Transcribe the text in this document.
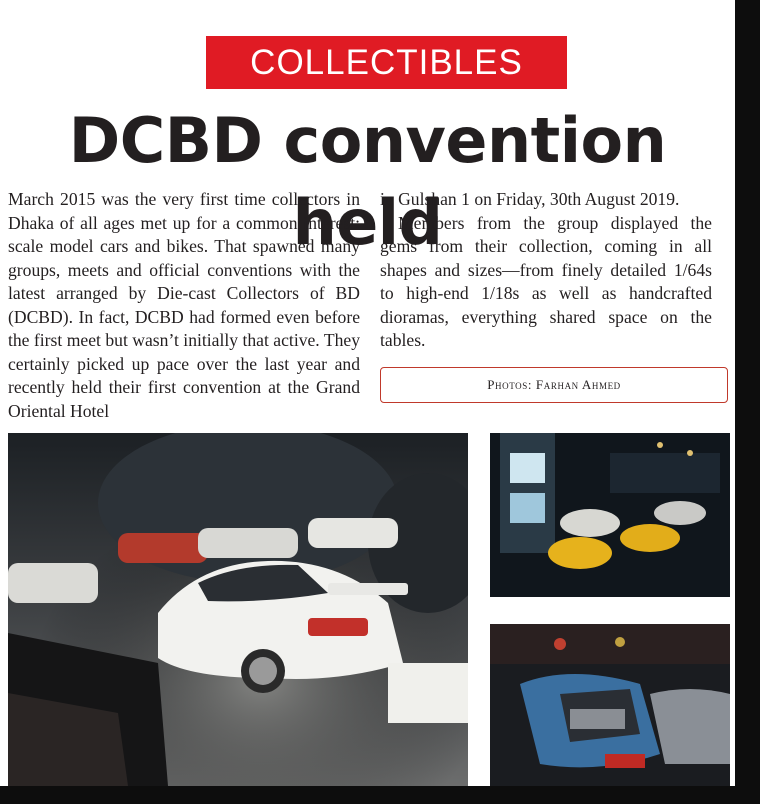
COLLECTIBLES
DCBD convention held

March 2015 was the very first time collectors in Dhaka of all ages met up for a common interest: scale model cars and bikes. That spawned many groups, meets and official conventions with the latest arranged by Die-cast Collectors of BD (DCBD). In fact, DCBD had formed even before the first meet but wasn’t initially that active. They certainly picked up pace over the last year and recently held their first convention at the Grand Oriental Hotel

in Gulshan 1 on Friday, 30th August 2019.

Members from the group displayed the gems from their collection, coming in all shapes and sizes—from finely detailed 1/64s to high-end 1/18s as well as handcrafted dioramas, everything shared space on the tables.

Photos: Farhan Ahmed
